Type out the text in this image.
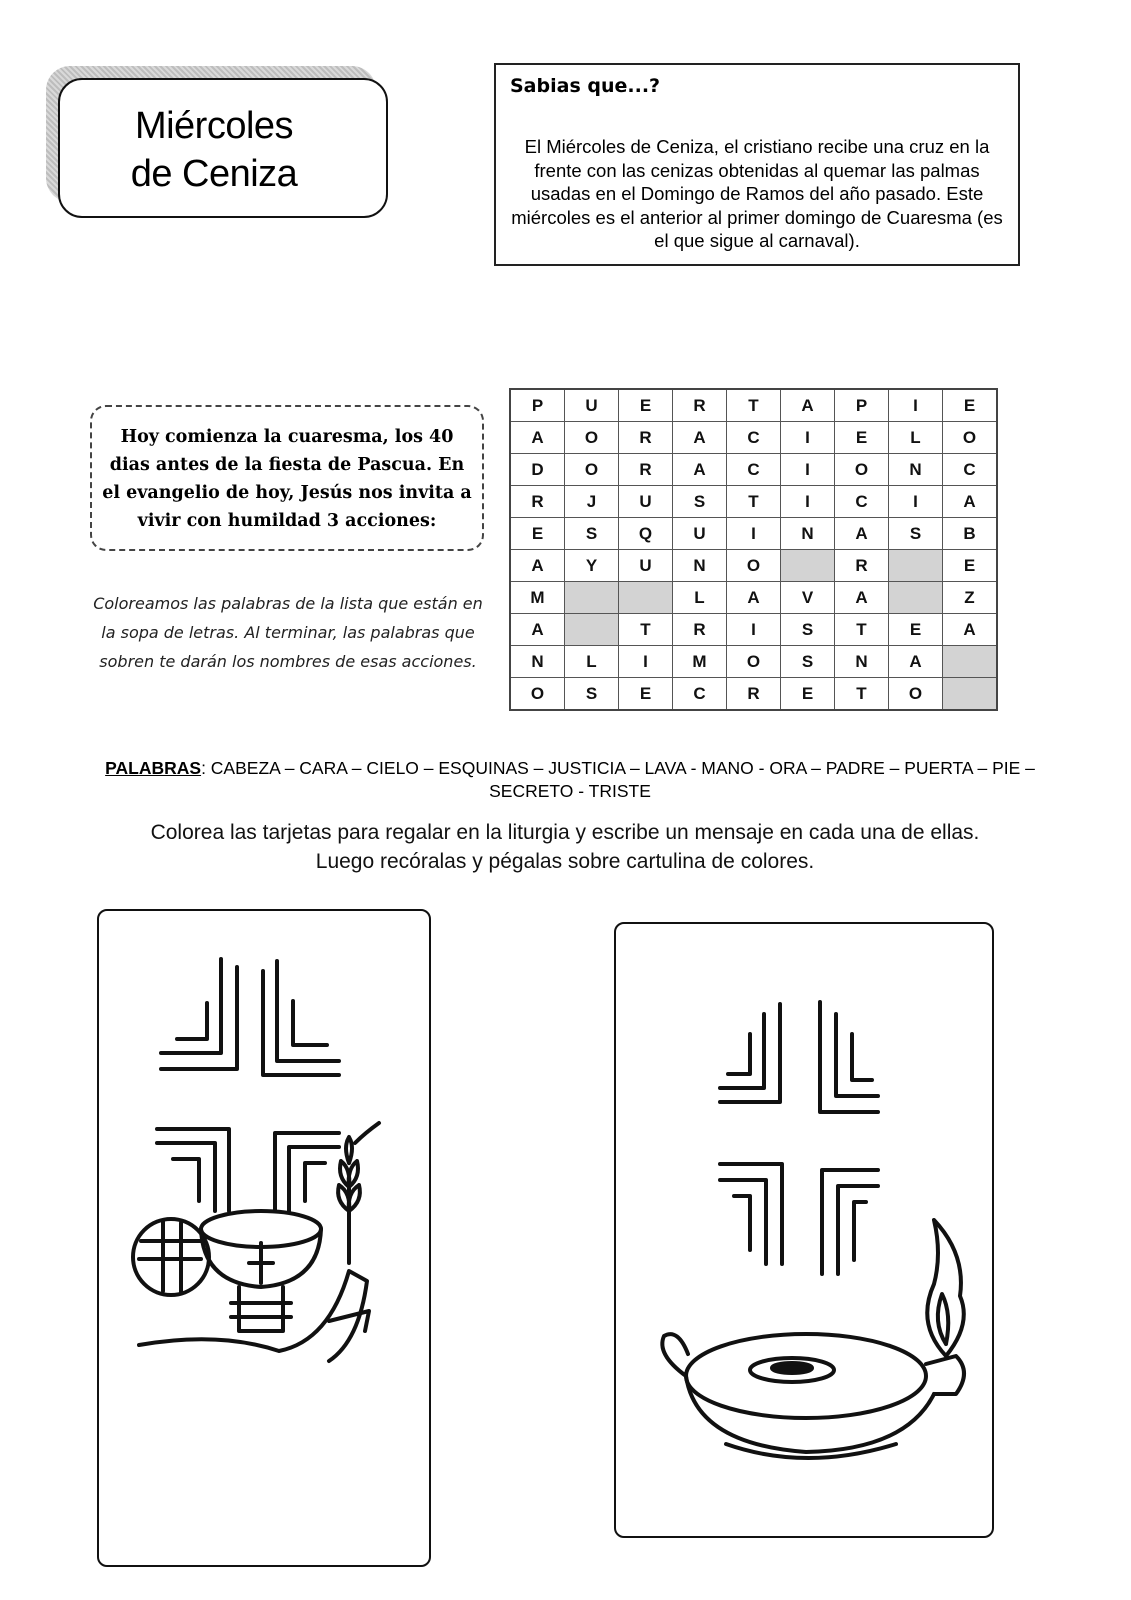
Miércoles
de Ceniza
Sabias que...?
El Miércoles de Ceniza, el cristiano recibe una cruz en la frente con las cenizas obtenidas al quemar las palmas usadas en el Domingo de Ramos del año pasado. Este miércoles es el anterior al primer domingo de Cuaresma (es el que sigue al carnaval).
Hoy comienza la cuaresma, los 40 dias antes de la fiesta de Pascua. En el evangelio de hoy, Jesús nos invita a vivir con humildad 3 acciones:
Coloreamos las palabras de la lista que están en la sopa de letras. Al terminar, las palabras que sobren te darán los nombres de esas acciones.
P	U	E	R	T	A	P	I	E
A	O	R	A	C	I	E	L	O
D	O	R	A	C	I	O	N	C
R	J	U	S	T	I	C	I	A
E	S	Q	U	I	N	A	S	B
A	Y	U	N	O		R		E
M			L	A	V	A		Z
A		T	R	I	S	T	E	A
N	L	I	M	O	S	N	A	
O	S	E	C	R	E	T	O	
PALABRAS: CABEZA – CARA – CIELO – ESQUINAS – JUSTICIA – LAVA - MANO - ORA – PADRE – PUERTA – PIE – SECRETO - TRISTE
Colorea las tarjetas para regalar en la liturgia y escribe un mensaje en cada una de ellas.
Luego recóralas y pégalas sobre cartulina de colores.
